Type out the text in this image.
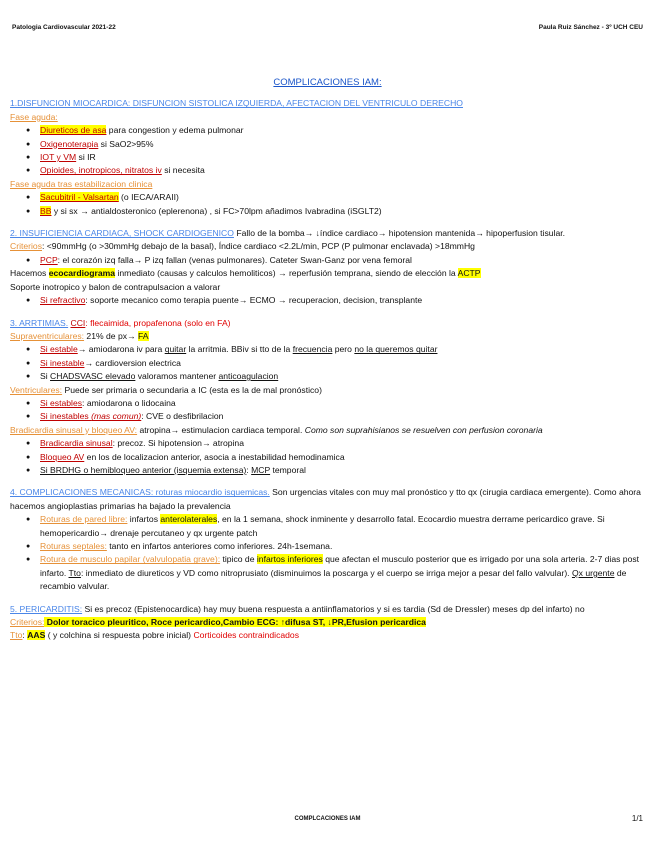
Patologia Cardiovascular 2021-22	Paula Ruiz Sánchez - 3º UCH CEU
COMPLICACIONES IAM:
1.DISFUNCION MIOCARDICA: DISFUNCION SISTOLICA IZQUIERDA, AFECTACION DEL VENTRICULO DERECHO
Fase aguda:
● Diureticos de asa para congestion y edema pulmonar
● Oxigenoterapia si SaO2>95%
● IOT y VM si IR
● Opioides, inotropicos, nitratos iv si necesita
Fase aguda tras estabilizacion clinica
● Sacubitril - Valsartan (o IECA/ARAII)
● BB y si sx → antialdosteronico (eplerenona) , si FC>70lpm añadimos Ivabradina (iSGLT2)
2. INSUFICIENCIA CARDIACA, SHOCK CARDIOGENICO Fallo de la bomba→ ↓índice cardiaco→ hipotension mantenida→ hipoperfusion tisular.
Criterios: <90mmHg (o >30mmHg debajo de la basal), Índice cardiaco <2.2L/min, PCP (P pulmonar enclavada) >18mmHg
● PCP: el corazón izq falla→ P izq fallan (venas pulmonares). Cateter Swan-Ganz por vena femoral
Hacemos ecocardiograma inmediato (causas y calculos hemoliticos) → reperfusión temprana, siendo de elección la ACTP
Soporte inotropico y balon de contrapulsacion a valorar
● Si refractivo: soporte mecanico como terapia puente→ ECMO → recuperacion, decision, transplante
3. ARRTIMIAS. CCI: flecaimida, propafenona (solo en FA)
Supraventriculares: 21% de px→ FA
● Si estable→ amiodarona iv para quitar la arritmia. BBiv si tto de la frecuencia pero no la queremos quitar
● Si inestable→ cardioversion electrica
● Si CHADSVASC elevado valoramos mantener anticoagulacion
Ventriculares: Puede ser primaria o secundaria a IC (esta es la de mal pronóstico)
● Si estables: amiodarona o lidocaina
● Si inestables (mas comun): CVE o desfibrilacion
Bradicardia sinusal y bloqueo AV: atropina→ estimulacion cardiaca temporal. Como son suprahisianos se resuelven con perfusion coronaria
● Bradicardia sinusal: precoz. Si hipotension→ atropina
● Bloqueo AV en los de localizacion anterior, asocia a inestabilidad hemodinamica
● Si BRDHG o hemibloqueo anterior (isquemia extensa): MCP temporal
4. COMPLICACIONES MECANICAS: roturas miocardio isquemicas. Son urgencias vitales con muy mal pronóstico y tto qx (cirugia cardiaca emergente). Como ahora hacemos angioplastias primarias ha bajado la prevalencia
● Roturas de pared libre: infartos anterolaterales, en la 1 semana, shock inminente y desarrollo fatal. Ecocardio muestra derrame pericardico grave. Si hemopericardio→ drenaje percutaneo y qx urgente patch
● Roturas septales: tanto en infartos anteriores como inferiores. 24h-1semana.
● Rotura de musculo papilar (valvulopatia grave): tipico de infartos inferiores que afectan el musculo posterior que es irrigado por una sola arteria. 2-7 dias post infarto. Tto: inmediato de diureticos y VD como nitroprusiato (disminuimos la poscarga y el cuerpo se irriga mejor a pesar del fallo valvular). Qx urgente de recambio valvular.
5. PERICARDITIS: Si es precoz (Epistenocardica) hay muy buena respuesta a antiinflamatorios y si es tardia (Sd de Dressler) meses dp del infarto) no
Criterios: Dolor toracico pleuritico, Roce pericardico,Cambio ECG: ↑difusa ST, ↓PR,Efusion pericardica
Tto: AAS ( y colchina si respuesta pobre inicial) Corticoides contraindicados
COMPLCACIONES IAM	1/1
